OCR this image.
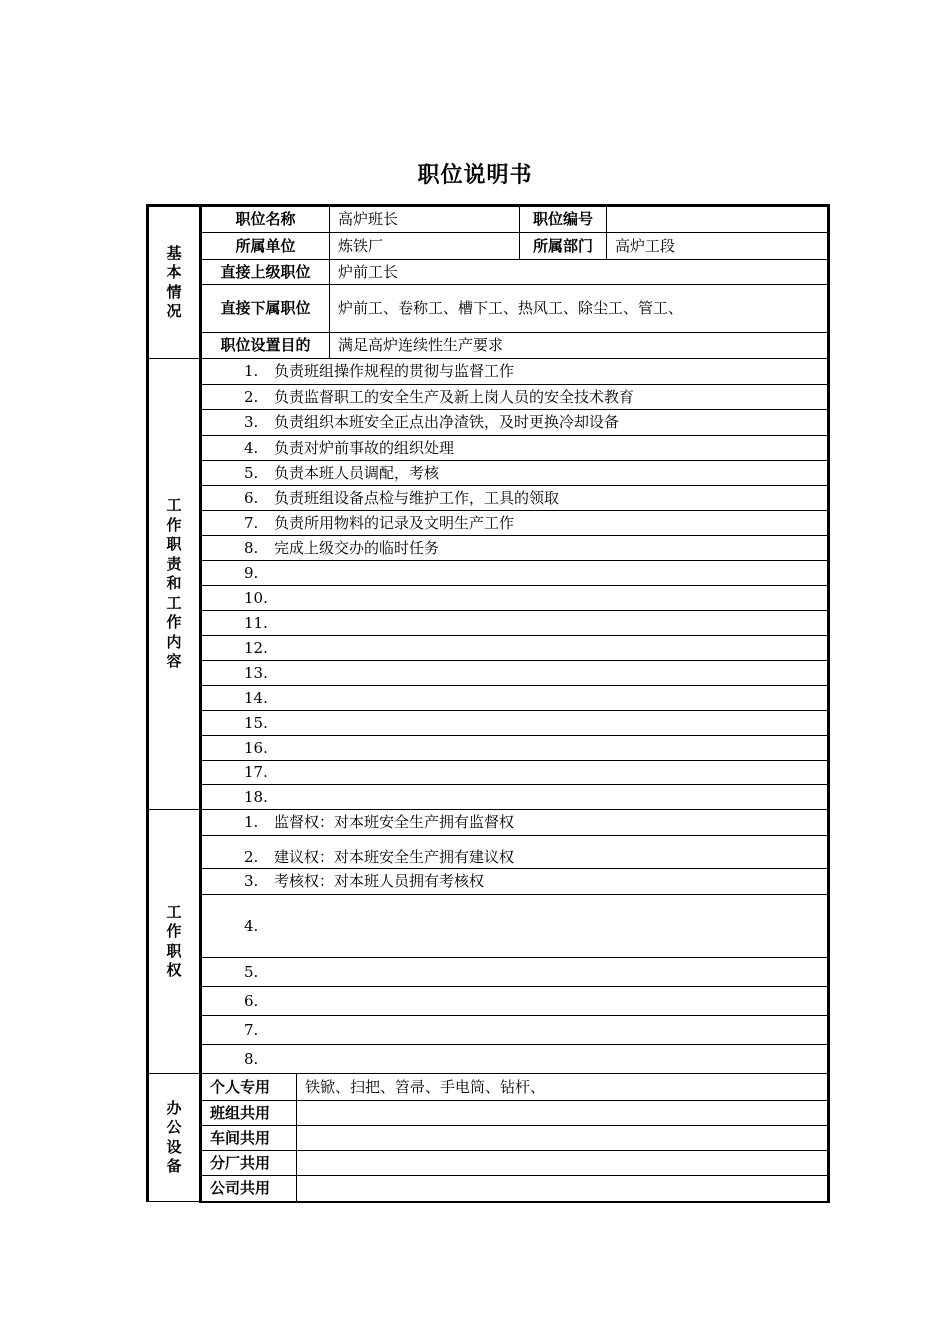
职位说明书
基本情况	职位名称		高炉班长	职位编号	
	所属单位		炼铁厂	所属部门	高炉工段
	直接上级职位		炉前工长		
	直接下属职位		炉前工、卷称工、槽下工、热风工、除尘工、管工、		
	职位设置目的		满足高炉连续性生产要求		
工作职责和工作内容	1. 负责班组操作规程的贯彻与监督工作				
	2. 负责监督职工的安全生产及新上岗人员的安全技术教育				
	3. 负责组织本班安全正点出净渣铁，及时更换冷却设备				
	4. 负责对炉前事故的组织处理				
	5. 负责本班人员调配，考核				
	6. 负责班组设备点检与维护工作，工具的领取				
	7. 负责所用物料的记录及文明生产工作				
	8. 完成上级交办的临时任务				
	9.				
	10.				
	11.				
	12.				
	13.				
	14.				
	15.				
	16.				
	17.				
	18.				
工作职权	1. 监督权：对本班安全生产拥有监督权				
	2. 建议权：对本班安全生产拥有建议权				
	3. 考核权：对本班人员拥有考核权				
	4.				
	5.				
	6.				
	7.				
	8.				
办公设备	个人专用	铁锨、扫把、笤帚、手电筒、钻杆、			
	班组共用				
	车间共用				
	分厂共用				
	公司共用				
